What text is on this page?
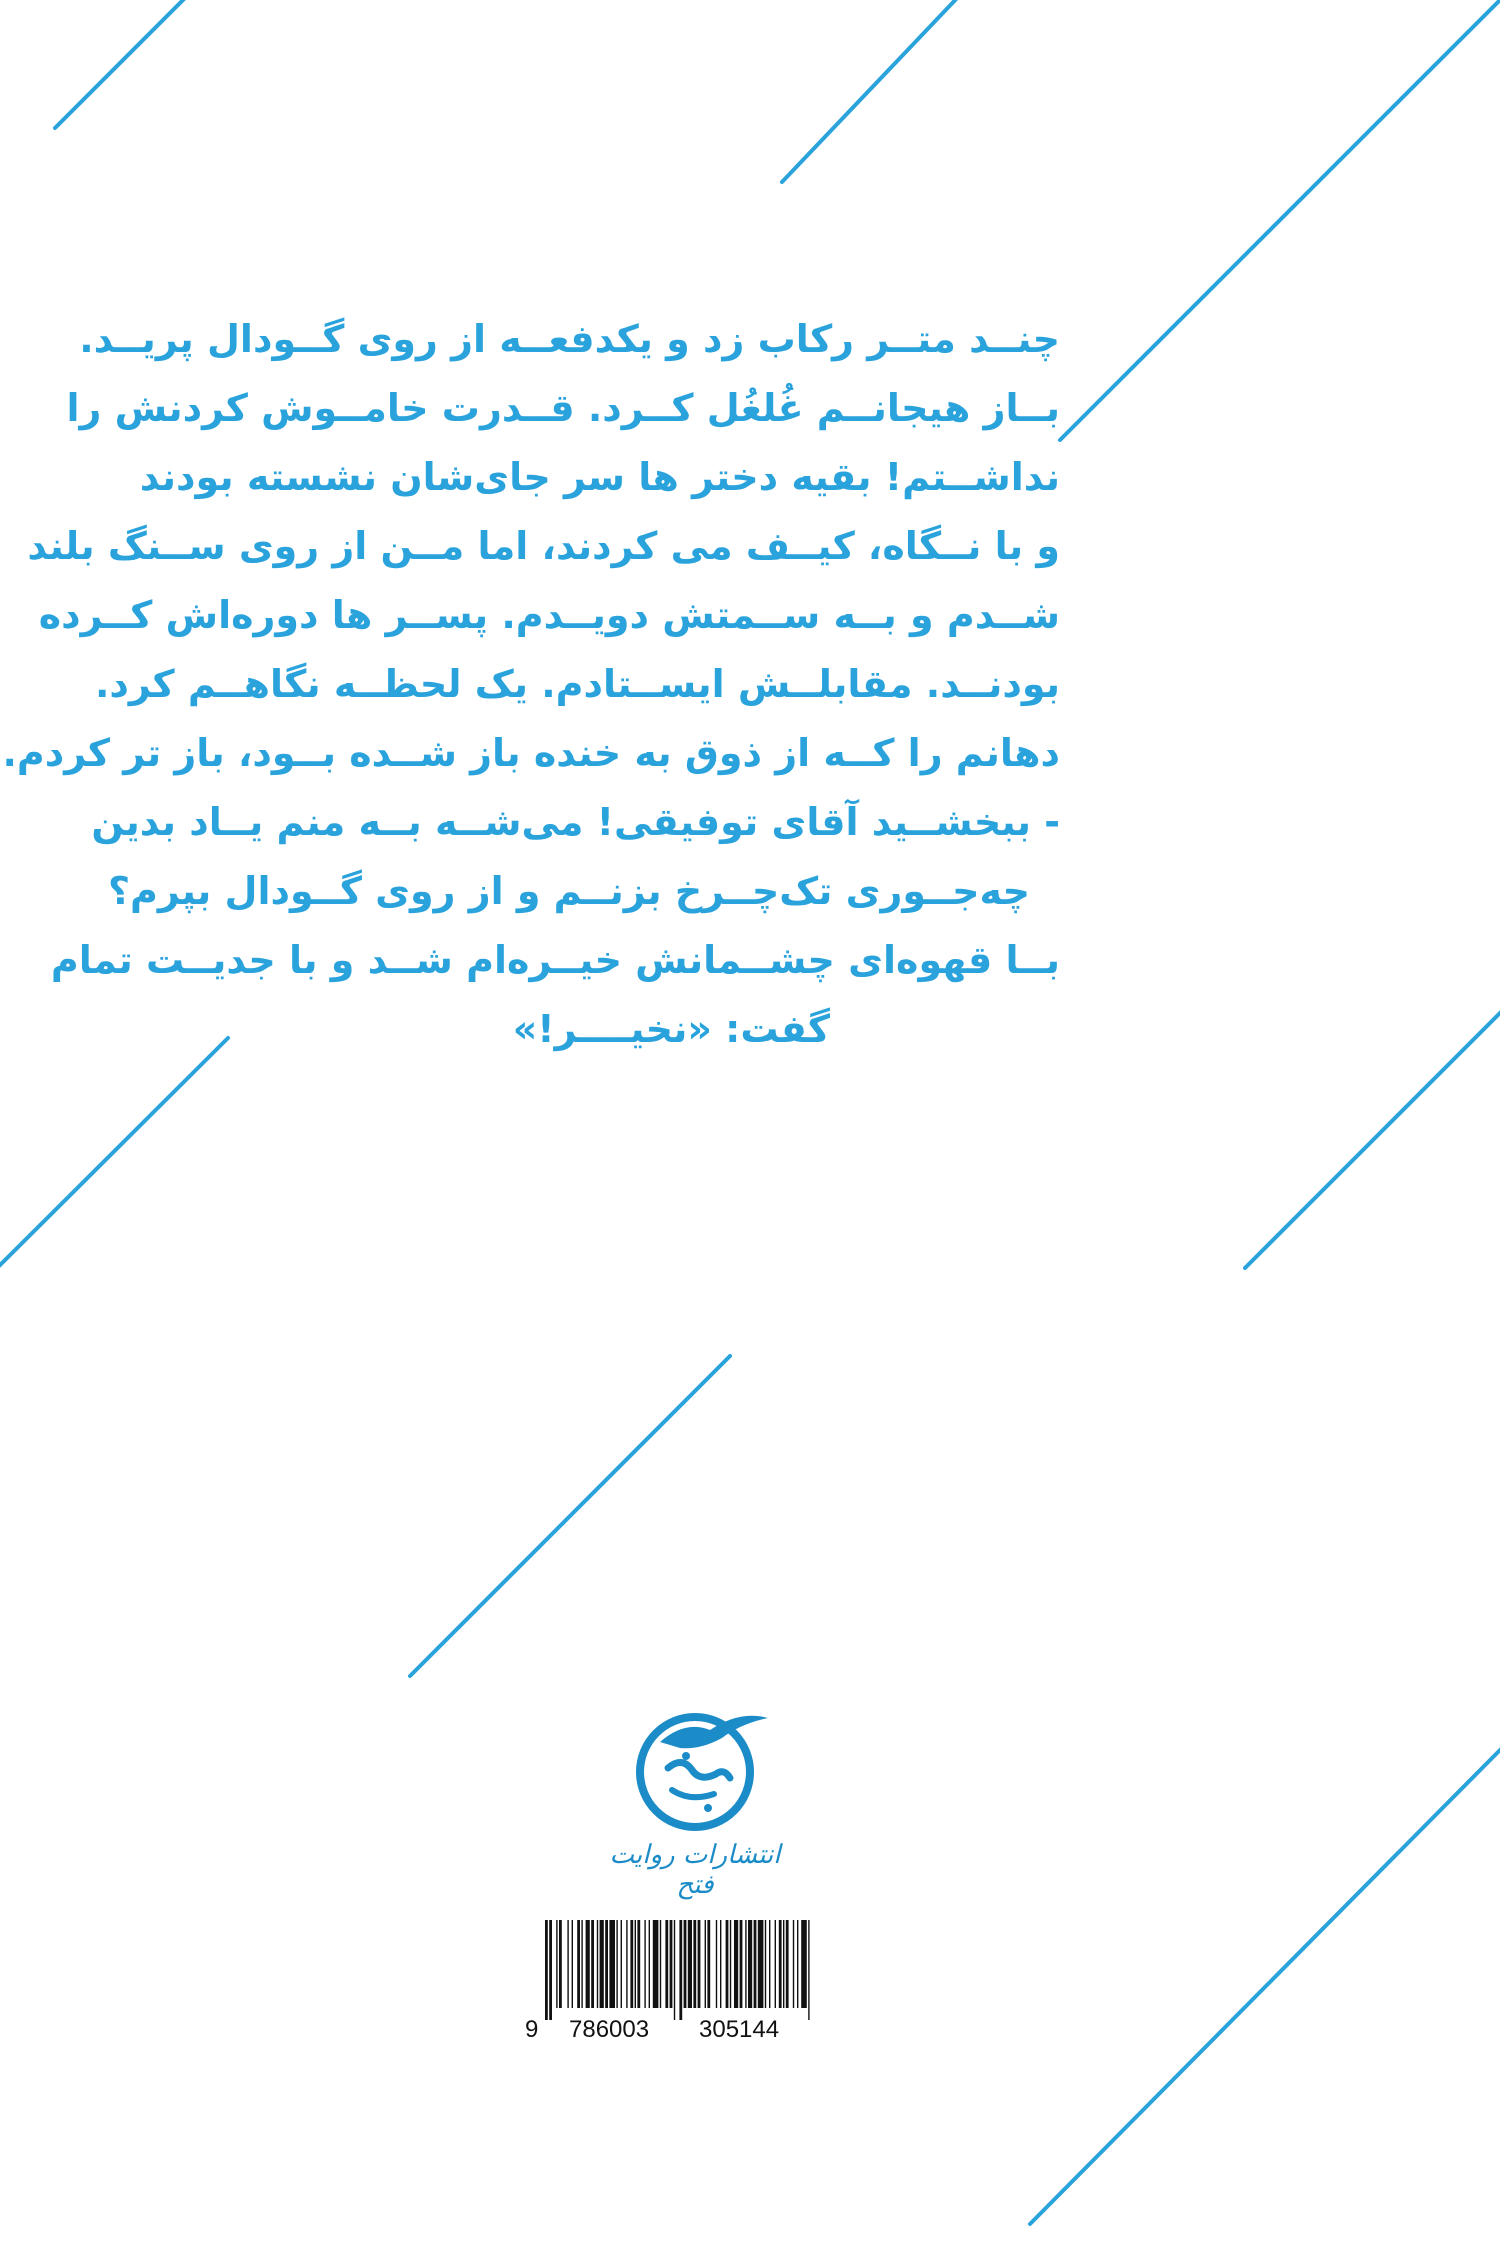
چنــد متــر رکاب زد و یکدفعــه از روی گــودال پریــد.
بــاز هیجانــم غُلغُل کــرد. قــدرت خامــوش کردنش را
نداشــتم! بقیه دختر ها سر جای‌شان نشسته بودند
و با نــگاه، کیــف می کردند، اما مــن از روی ســنگ بلند
شــدم و بــه ســمتش دویــدم. پســر ها دوره‌اش کــرده
بودنــد. مقابلــش ایســتادم. یک لحظــه نگاهــم کرد.
دهانم را کــه از ذوق به خنده باز شــده بــود، باز تر کردم.
- ببخشــید آقای توفیقی! می‌شــه بــه منم یــاد بدین
چه‌جــوری تک‌چــرخ بزنــم و از روی گــودال بپرم؟
بــا قهوه‌ای چشــمانش خیــره‌ام شــد و با جدیــت تمام
گفت: «نخیــــر!»
انتشارات روایت فتح
9 786003 305144
